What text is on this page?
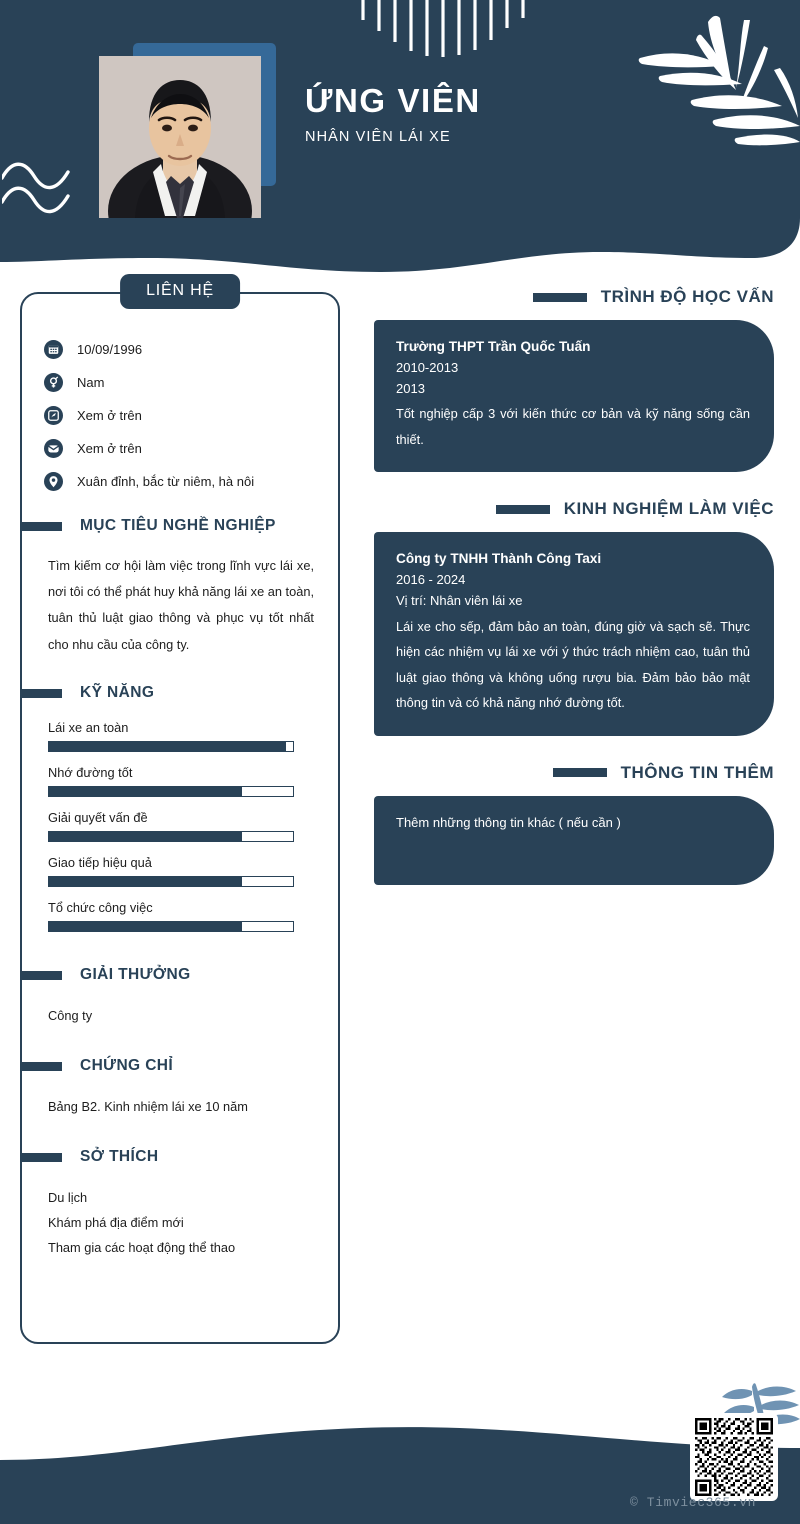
ỨNG VIÊN
NHÂN VIÊN LÁI XE
LIÊN HỆ
10/09/1996
Nam
Xem ở trên
Xem ở trên
Xuân đỉnh, bắc từ niêm, hà nôi
MỤC TIÊU NGHỀ NGHIỆP

Tìm kiếm cơ hội làm việc trong lĩnh vực lái xe, nơi tôi có thể phát huy khả năng lái xe an toàn, tuân thủ luật giao thông và phục vụ tốt nhất cho nhu cầu của công ty.

KỸ NĂNG
Lái xe an toàn
Nhớ đường tốt
Giải quyết vấn đề
Giao tiếp hiệu quả
Tổ chức công việc
GIẢI THƯỞNG
Công ty
CHỨNG CHỈ
Bảng B2. Kinh nhiệm lái xe 10 năm
SỞ THÍCH
Du lịch
Khám phá địa điểm mới
Tham gia các hoạt động thể thao
TRÌNH ĐỘ HỌC VẤN
Trường THPT Trần Quốc Tuấn
2010-2013
2013
Tốt nghiệp cấp 3 với kiến thức cơ bản và kỹ năng sống cần thiết.
KINH NGHIỆM LÀM VIỆC
Công ty TNHH Thành Công Taxi
2016 - 2024
Vị trí: Nhân viên lái xe
Lái xe cho sếp, đảm bảo an toàn, đúng giờ và sạch sẽ. Thực hiện các nhiệm vụ lái xe với ý thức trách nhiệm cao, tuân thủ luật giao thông và không uống rượu bia. Đảm bảo bảo mật thông tin và có khả năng nhớ đường tốt.
THÔNG TIN THÊM
Thêm những thông tin khác ( nếu cần )
© Timviec365.vn
